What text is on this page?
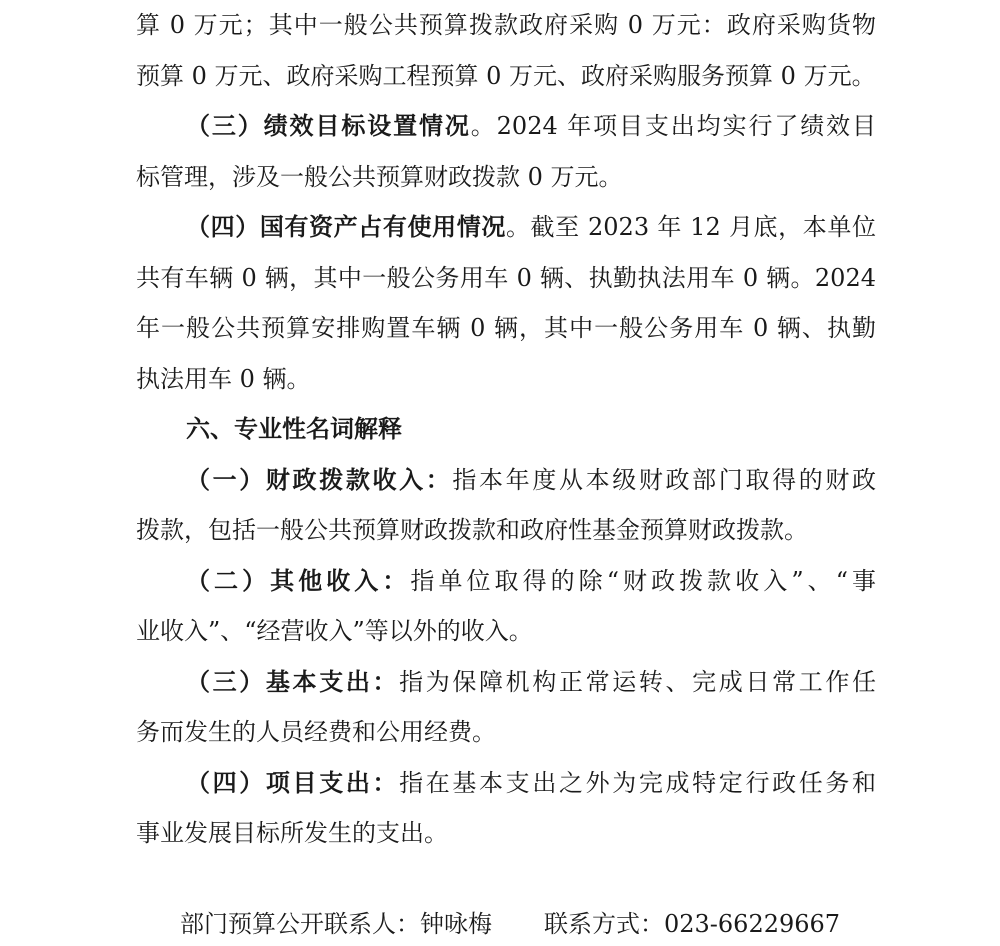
算 0 万元；其中一般公共预算拨款政府采购 0 万元：政府采购货物
预算 0 万元、政府采购工程预算 0 万元、政府采购服务预算 0 万元。
（三）绩效目标设置情况。2024 年项目支出均实行了绩效目
标管理，涉及一般公共预算财政拨款 0 万元。
（四）国有资产占有使用情况。截至 2023 年 12 月底，本单位
共有车辆 0 辆，其中一般公务用车 0 辆、执勤执法用车 0 辆。2024
年一般公共预算安排购置车辆 0 辆，其中一般公务用车 0 辆、执勤
执法用车 0 辆。
六、专业性名词解释
（一）财政拨款收入：指本年度从本级财政部门取得的财政
拨款，包括一般公共预算财政拨款和政府性基金预算财政拨款。
（二）其他收入：指单位取得的除“财政拨款收入”、“事
业收入”、“经营收入”等以外的收入。
（三）基本支出：指为保障机构正常运转、完成日常工作任
务而发生的人员经费和公用经费。
（四）项目支出：指在基本支出之外为完成特定行政任务和
事业发展目标所发生的支出。
部门预算公开联系人：钟咏梅 联系方式：023-66229667
